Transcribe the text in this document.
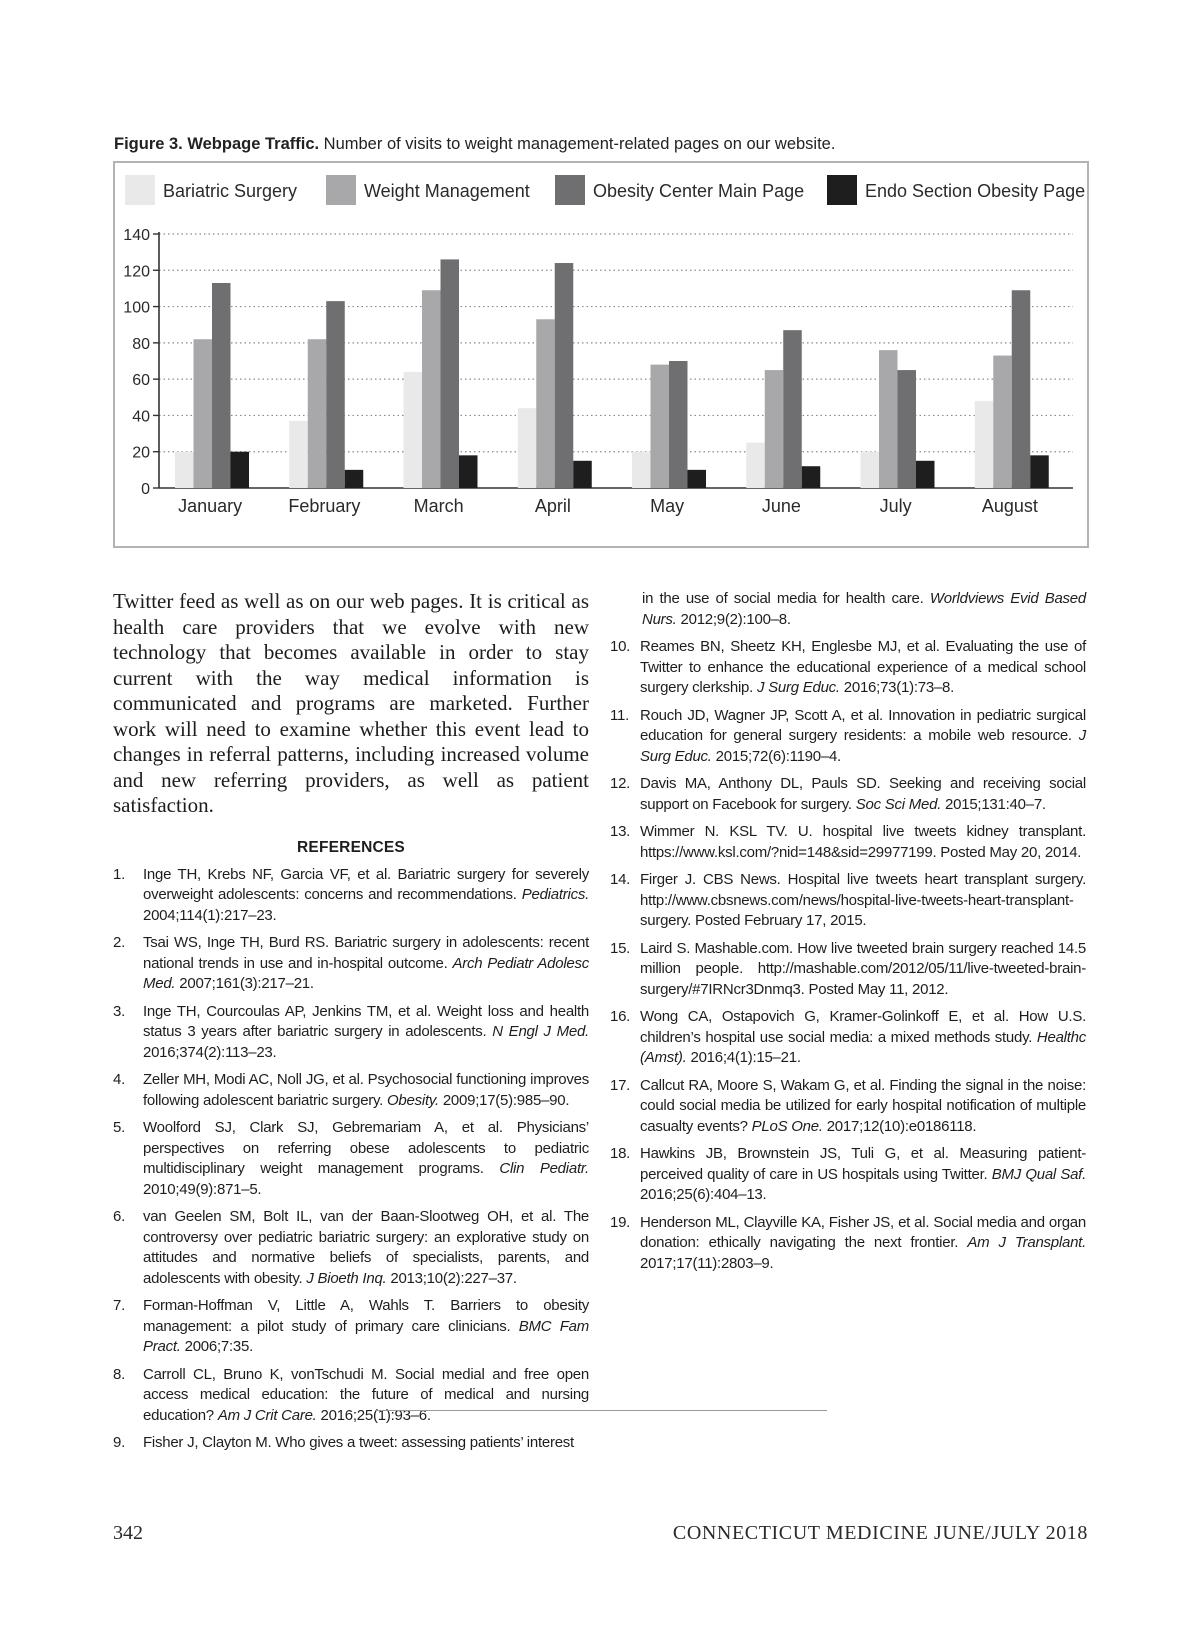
Figure 3. Webpage Traffic. Number of visits to weight management-related pages on our website.
Bariatric Surgery	Weight Management	Obesity Center Main Page	Endo Section Obesity Page
0
20
40
60
80
100
120
140
January	February	March	April	May	June	July	August

Twitter feed as well as on our web pages. It is critical as health care providers that we evolve with new technology that becomes available in order to stay current with the way medical information is communicated and programs are marketed. Further work will need to examine whether this event lead to changes in referral patterns, including increased volume and new referring providers, as well as patient satisfaction.

REFERENCES
1.	Inge TH, Krebs NF, Garcia VF, et al. Bariatric surgery for severely overweight adolescents: concerns and recommendations. Pediatrics. 2004;114(1):217–23.
2.	Tsai WS, Inge TH, Burd RS. Bariatric surgery in adolescents: recent national trends in use and in-hospital outcome. Arch Pediatr Adolesc Med. 2007;161(3):217–21.
3.	Inge TH, Courcoulas AP, Jenkins TM, et al. Weight loss and health status 3 years after bariatric surgery in adolescents. N Engl J Med. 2016;374(2):113–23.
4.	Zeller MH, Modi AC, Noll JG, et al. Psychosocial functioning improves following adolescent bariatric surgery. Obesity. 2009;17(5):985–90.
5.	Woolford SJ, Clark SJ, Gebremariam A, et al. Physicians’ perspectives on referring obese adolescents to pediatric multidisciplinary weight management programs. Clin Pediatr. 2010;49(9):871–5.
6.	van Geelen SM, Bolt IL, van der Baan-Slootweg OH, et al. The controversy over pediatric bariatric surgery: an explorative study on attitudes and normative beliefs of specialists, parents, and adolescents with obesity. J Bioeth Inq. 2013;10(2):227–37.
7.	Forman-Hoffman V, Little A, Wahls T. Barriers to obesity management: a pilot study of primary care clinicians. BMC Fam Pract. 2006;7:35.
8.	Carroll CL, Bruno K, vonTschudi M. Social medial and free open access medical education: the future of medical and nursing education? Am J Crit Care. 2016;25(1):93–6.
9.	Fisher J, Clayton M. Who gives a tweet: assessing patients’ interest
in the use of social media for health care. Worldviews Evid Based Nurs. 2012;9(2):100–8.
10. Reames BN, Sheetz KH, Englesbe MJ, et al. Evaluating the use of Twitter to enhance the educational experience of a medical school surgery clerkship. J Surg Educ. 2016;73(1):73–8.
11. Rouch JD, Wagner JP, Scott A, et al. Innovation in pediatric surgical education for general surgery residents: a mobile web resource. J Surg Educ. 2015;72(6):1190–4.
12. Davis MA, Anthony DL, Pauls SD. Seeking and receiving social support on Facebook for surgery. Soc Sci Med. 2015;131:40–7.
13. Wimmer N. KSL TV. U. hospital live tweets kidney transplant. https://www.ksl.com/?nid=148&sid=29977199. Posted May 20, 2014.
14. Firger J. CBS News. Hospital live tweets heart transplant surgery. http://www.cbsnews.com/news/hospital-live-tweets-heart-transplant-surgery. Posted February 17, 2015.
15. Laird S. Mashable.com. How live tweeted brain surgery reached 14.5 million people. http://mashable.com/2012/05/11/live-tweeted-brain-surgery/#7IRNcr3Dnmq3. Posted May 11, 2012.
16. Wong CA, Ostapovich G, Kramer-Golinkoff E, et al. How U.S. children’s hospital use social media: a mixed methods study. Healthc (Amst). 2016;4(1):15–21.
17. Callcut RA, Moore S, Wakam G, et al. Finding the signal in the noise: could social media be utilized for early hospital notification of multiple casualty events? PLoS One. 2017;12(10):e0186118.
18. Hawkins JB, Brownstein JS, Tuli G, et al. Measuring patient-perceived quality of care in US hospitals using Twitter. BMJ Qual Saf. 2016;25(6):404–13.
19. Henderson ML, Clayville KA, Fisher JS, et al. Social media and organ donation: ethically navigating the next frontier. Am J Transplant. 2017;17(11):2803–9.
342	CONNECTICUT MEDICINE JUNE/JULY 2018
